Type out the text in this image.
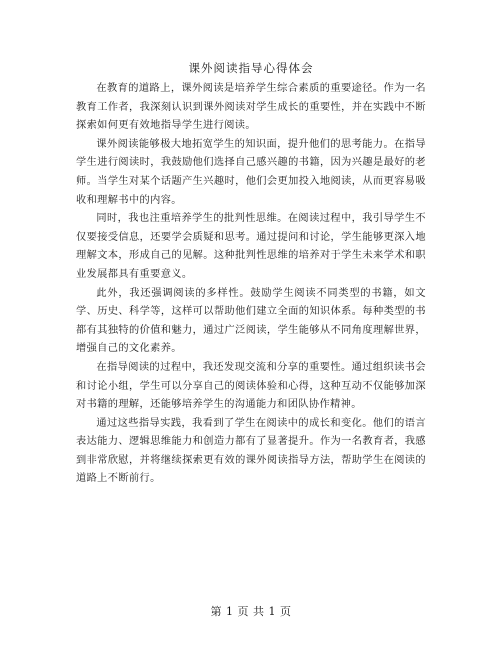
课外阅读指导心得体会

在教育的道路上，课外阅读是培养学生综合素质的重要途径。作为一名教育工作者，我深刻认识到课外阅读对学生成长的重要性，并在实践中不断探索如何更有效地指导学生进行阅读。

课外阅读能够极大地拓宽学生的知识面，提升他们的思考能力。在指导学生进行阅读时，我鼓励他们选择自己感兴趣的书籍，因为兴趣是最好的老师。当学生对某个话题产生兴趣时，他们会更加投入地阅读，从而更容易吸收和理解书中的内容。

同时，我也注重培养学生的批判性思维。在阅读过程中，我引导学生不仅要接受信息，还要学会质疑和思考。通过提问和讨论，学生能够更深入地理解文本，形成自己的见解。这种批判性思维的培养对于学生未来学术和职业发展都具有重要意义。

此外，我还强调阅读的多样性。鼓励学生阅读不同类型的书籍，如文学、历史、科学等，这样可以帮助他们建立全面的知识体系。每种类型的书都有其独特的价值和魅力，通过广泛阅读，学生能够从不同角度理解世界，增强自己的文化素养。

在指导阅读的过程中，我还发现交流和分享的重要性。通过组织读书会和讨论小组，学生可以分享自己的阅读体验和心得，这种互动不仅能够加深对书籍的理解，还能够培养学生的沟通能力和团队协作精神。

通过这些指导实践，我看到了学生在阅读中的成长和变化。他们的语言表达能力、逻辑思维能力和创造力都有了显著提升。作为一名教育者，我感到非常欣慰，并将继续探索更有效的课外阅读指导方法，帮助学生在阅读的道路上不断前行。

第 1 页 共 1 页
